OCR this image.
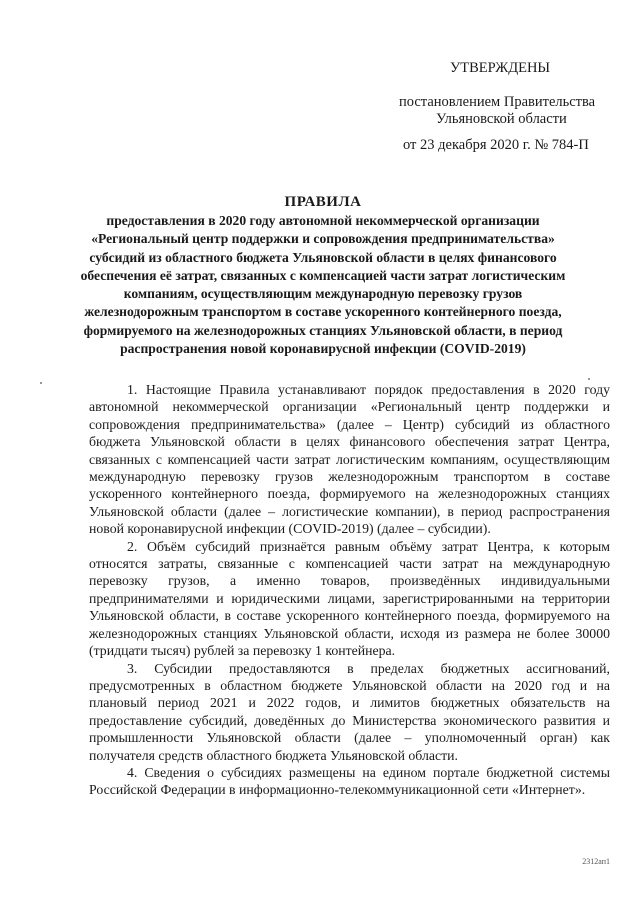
УТВЕРЖДЕНЫ
постановлением Правительства
Ульяновской области
от 23 декабря 2020 г. № 784-П

ПРАВИЛА

предоставления в 2020 году автономной некоммерческой организации «Региональный центр поддержки и сопровождения предпринимательства» субсидий из областного бюджета Ульяновской области в целях финансового обеспечения её затрат, связанных с компенсацией части затрат логистическим компаниям, осуществляющим международную перевозку грузов железнодорожным транспортом в составе ускоренного контейнерного поезда, формируемого на железнодорожных станциях Ульяновской области, в период распространения новой коронавирусной инфекции (COVID-2019)

1. Настоящие Правила устанавливают порядок предоставления в 2020 году автономной некоммерческой организации «Региональный центр поддержки и сопровождения предпринимательства» (далее – Центр) субсидий из областного бюджета Ульяновской области в целях финансового обеспечения затрат Центра, связанных с компенсацией части затрат логистическим компаниям, осуществляющим международную перевозку грузов железнодорожным транспортом в составе ускоренного контейнерного поезда, формируемого на железнодорожных станциях Ульяновской области (далее – логистические компании), в период распространения новой коронавирусной инфекции (COVID-2019) (далее – субсидии).

2. Объём субсидий признаётся равным объёму затрат Центра, к которым относятся затраты, связанные с компенсацией части затрат на международную перевозку грузов, а именно товаров, произведённых индивидуальными предпринимателями и юридическими лицами, зарегистрированными на территории Ульяновской области, в составе ускоренного контейнерного поезда, формируемого на железнодорожных станциях Ульяновской области, исходя из размера не более 30000 (тридцати тысяч) рублей за перевозку 1 контейнера.

3. Субсидии предоставляются в пределах бюджетных ассигнований, предусмотренных в областном бюджете Ульяновской области на 2020 год и на плановый период 2021 и 2022 годов, и лимитов бюджетных обязательств на предоставление субсидий, доведённых до Министерства экономического развития и промышленности Ульяновской области (далее – уполномоченный орган) как получателя средств областного бюджета Ульяновской области.

4. Сведения о субсидиях размещены на едином портале бюджетной системы Российской Федерации в информационно-телекоммуникационной сети «Интернет».

2312ап1
